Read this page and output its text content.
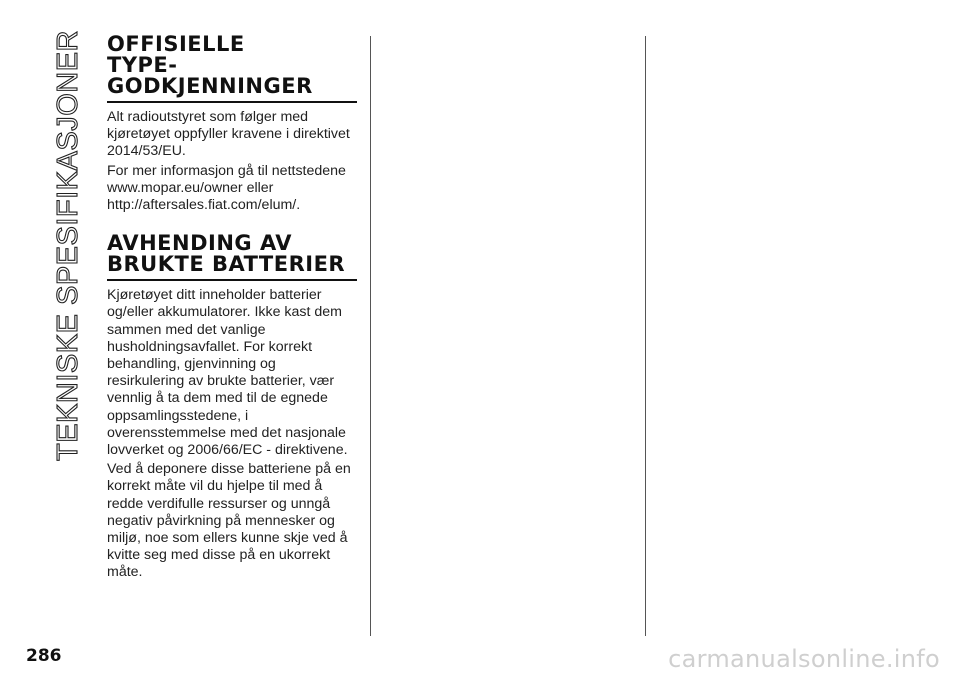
TEKNISKE SPESIFIKASJONER OFFISIELLE
TYPE-
GODKJENNINGER

Alt radioutstyret som følger med kjøretøyet oppfyller kravene i direktivet 2014/53/EU.

For mer informasjon gå til nettstedene www.mopar.eu/owner eller http://aftersales.fiat.com/elum/.

AVHENDING AV
BRUKTE BATTERIER

Kjøretøyet ditt inneholder batterier og/eller akkumulatorer. Ikke kast dem sammen med det vanlige husholdningsavfallet. For korrekt behandling, gjenvinning og resirkulering av brukte batterier, vær vennlig å ta dem med til de egnede oppsamlingsstedene, i overensstemmelse med det nasjonale lovverket og 2006/66/EC - direktivene.

Ved å deponere disse batteriene på en korrekt måte vil du hjelpe til med å redde verdifulle ressurser og unngå negativ påvirkning på mennesker og miljø, noe som ellers kunne skje ved å kvitte seg med disse på en ukorrekt måte.

286	carmanualsonline.info
